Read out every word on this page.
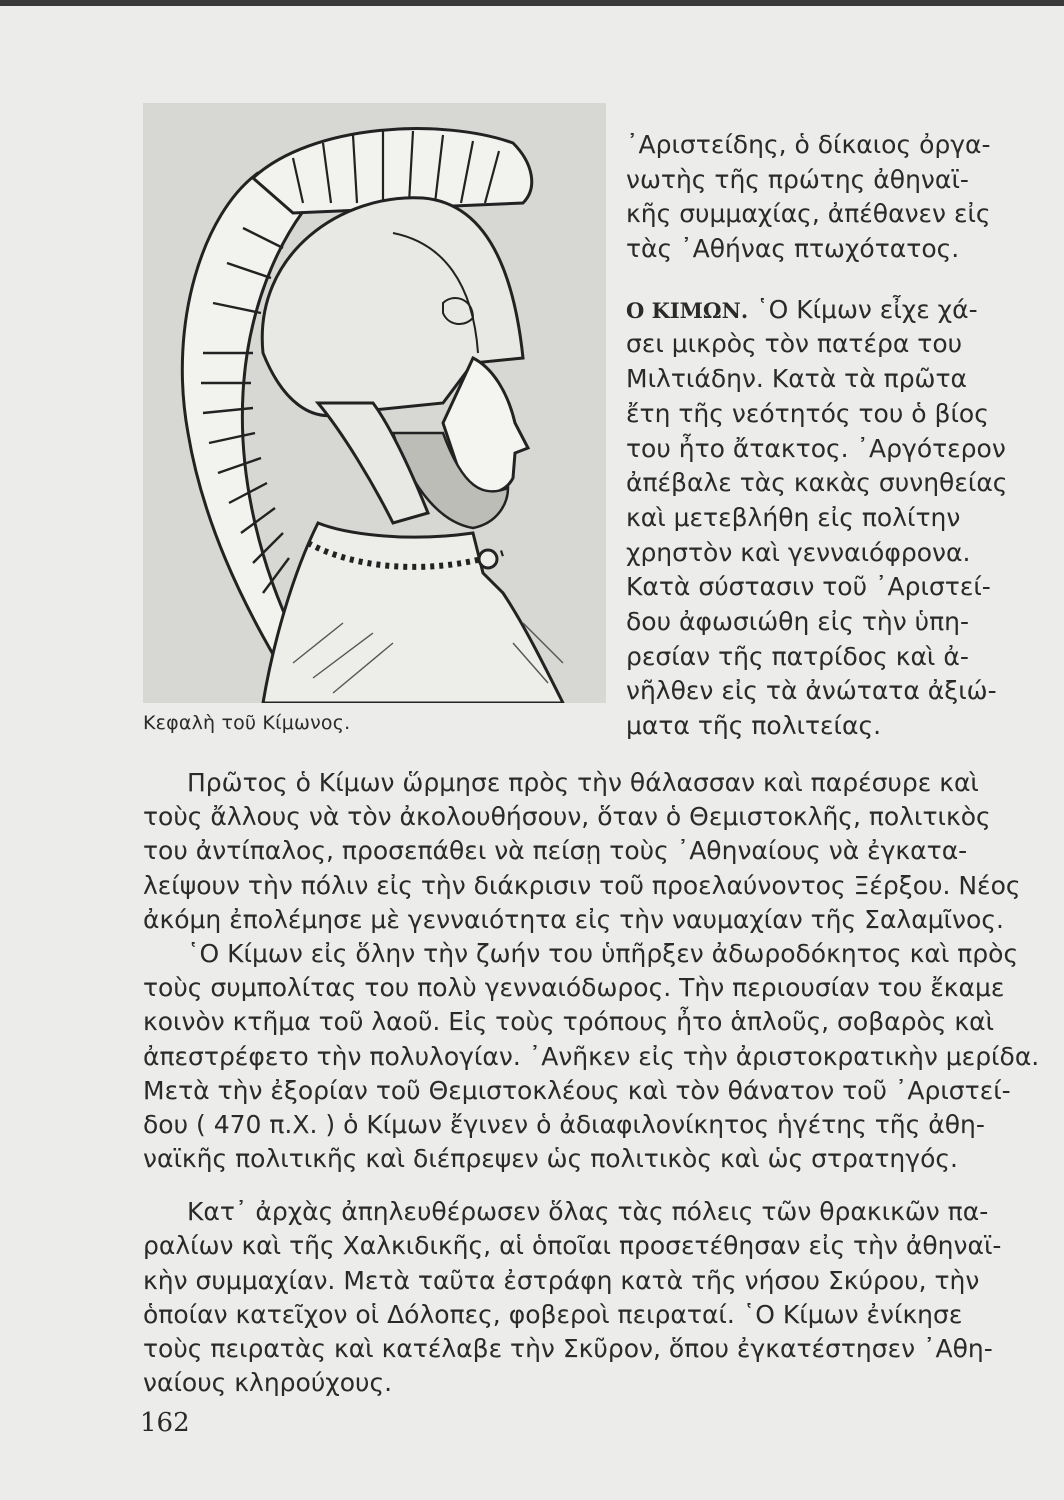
Κεφαλὴ τοῦ Κίμωνος.
᾿Αριστείδης, ὁ δίκαιος ὀργα-
νωτὴς τῆς πρώτης ἀθηναϊ-
κῆς συμμαχίας, ἀπέθανεν εἰς
τὰς ᾿Αθήνας πτωχότατος.
Ο ΚΙΜΩΝ. ῾Ο Κίμων εἶχε χά-
σει μικρὸς τὸν πατέρα του
Μιλτιάδην. Κατὰ τὰ πρῶτα
ἔτη τῆς νεότητός του ὁ βίος
του ἦτο ἄτακτος. ᾿Αργότερον
ἀπέβαλε τὰς κακὰς συνηθείας
καὶ μετεβλήθη εἰς πολίτην
χρηστὸν καὶ γενναιόφρονα.
Κατὰ σύστασιν τοῦ ᾿Αριστεί-
δου ἀφωσιώθη εἰς τὴν ὑπη-
ρεσίαν τῆς πατρίδος καὶ ἀ-
νῆλθεν εἰς τὰ ἀνώτατα ἀξιώ-
ματα τῆς πολιτείας.
Πρῶτος ὁ Κίμων ὥρμησε πρὸς τὴν θάλασσαν καὶ παρέσυρε καὶ
τοὺς ἄλλους νὰ τὸν ἀκολουθήσουν, ὅταν ὁ Θεμιστοκλῆς, πολιτικὸς
του ἀντίπαλος, προσεπάθει νὰ πείσῃ τοὺς ᾿Αθηναίους νὰ ἐγκατα-
λείψουν τὴν πόλιν εἰς τὴν διάκρισιν τοῦ προελαύνοντος Ξέρξου. Νέος
ἀκόμη ἐπολέμησε μὲ γενναιότητα εἰς τὴν ναυμαχίαν τῆς Σαλαμῖνος.
῾Ο Κίμων εἰς ὅλην τὴν ζωήν του ὑπῆρξεν ἀδωροδόκητος καὶ πρὸς
τοὺς συμπολίτας του πολὺ γενναιόδωρος. Τὴν περιουσίαν του ἔκαμε
κοινὸν κτῆμα τοῦ λαοῦ. Εἰς τοὺς τρόπους ἦτο ἁπλοῦς, σοβαρὸς καὶ
ἀπεστρέφετο τὴν πολυλογίαν. ᾿Ανῆκεν εἰς τὴν ἀριστοκρατικὴν μερίδα.
Μετὰ τὴν ἐξορίαν τοῦ Θεμιστοκλέους καὶ τὸν θάνατον τοῦ ᾿Αριστεί-
δου ( 470 π.Χ. ) ὁ Κίμων ἔγινεν ὁ ἀδιαφιλονίκητος ἡγέτης τῆς ἀθη-
ναϊκῆς πολιτικῆς καὶ διέπρεψεν ὡς πολιτικὸς καὶ ὡς στρατηγός.
Κατ᾿ ἀρχὰς ἀπηλευθέρωσεν ὅλας τὰς πόλεις τῶν θρακικῶν πα-
ραλίων καὶ τῆς Χαλκιδικῆς, αἱ ὁποῖαι προσετέθησαν εἰς τὴν ἀθηναϊ-
κὴν συμμαχίαν. Μετὰ ταῦτα ἐστράφη κατὰ τῆς νήσου Σκύρου, τὴν
ὁποίαν κατεῖχον οἱ Δόλοπες, φοβεροὶ πειραταί. ῾Ο Κίμων ἐνίκησε
τοὺς πειρατὰς καὶ κατέλαβε τὴν Σκῦρον, ὅπου ἐγκατέστησεν ᾿Αθη-
ναίους κληρούχους.
162
